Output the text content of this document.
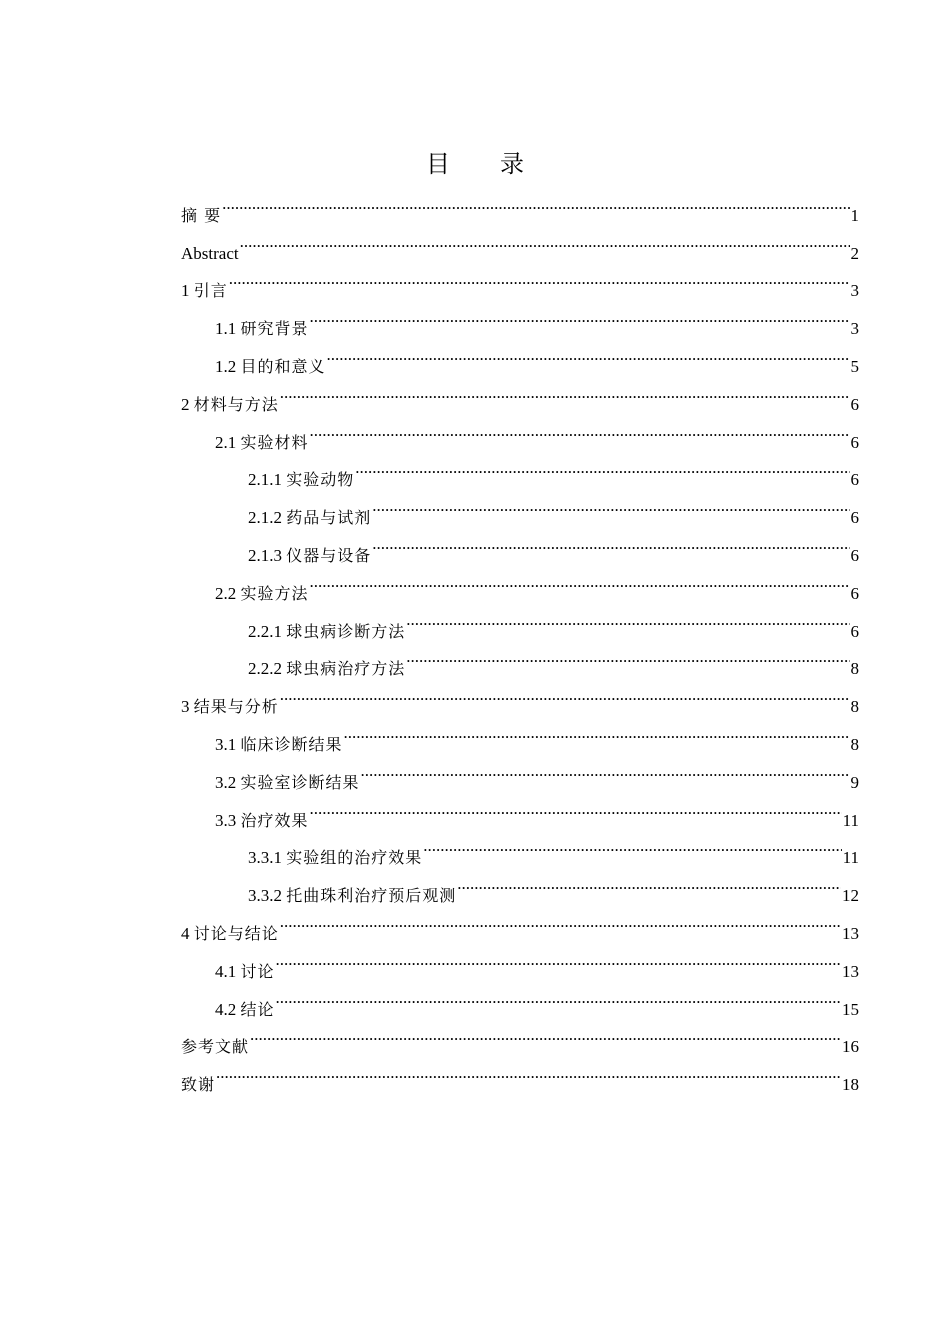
目 录
摘 要 .....	1
Abstract .....	2
1 引言 .....	3
1.1 研究背景 .....	3
1.2 目的和意义 .....	5
2 材料与方法 .....	6
2.1 实验材料 .....	6
2.1.1 实验动物 .....	6
2.1.2 药品与试剂 .....	6
2.1.3 仪器与设备 .....	6
2.2 实验方法 .....	6
2.2.1 球虫病诊断方法 .....	6
2.2.2 球虫病治疗方法 .....	8
3 结果与分析 .....	8
3.1 临床诊断结果 .....	8
3.2 实验室诊断结果 .....	9
3.3 治疗效果 .....	11
3.3.1 实验组的治疗效果 .....	11
3.3.2 托曲珠利治疗预后观测 .....	12
4 讨论与结论 .....	13
4.1 讨论 .....	13
4.2 结论 .....	15
参考文献 .....	16
致谢 .....	18
